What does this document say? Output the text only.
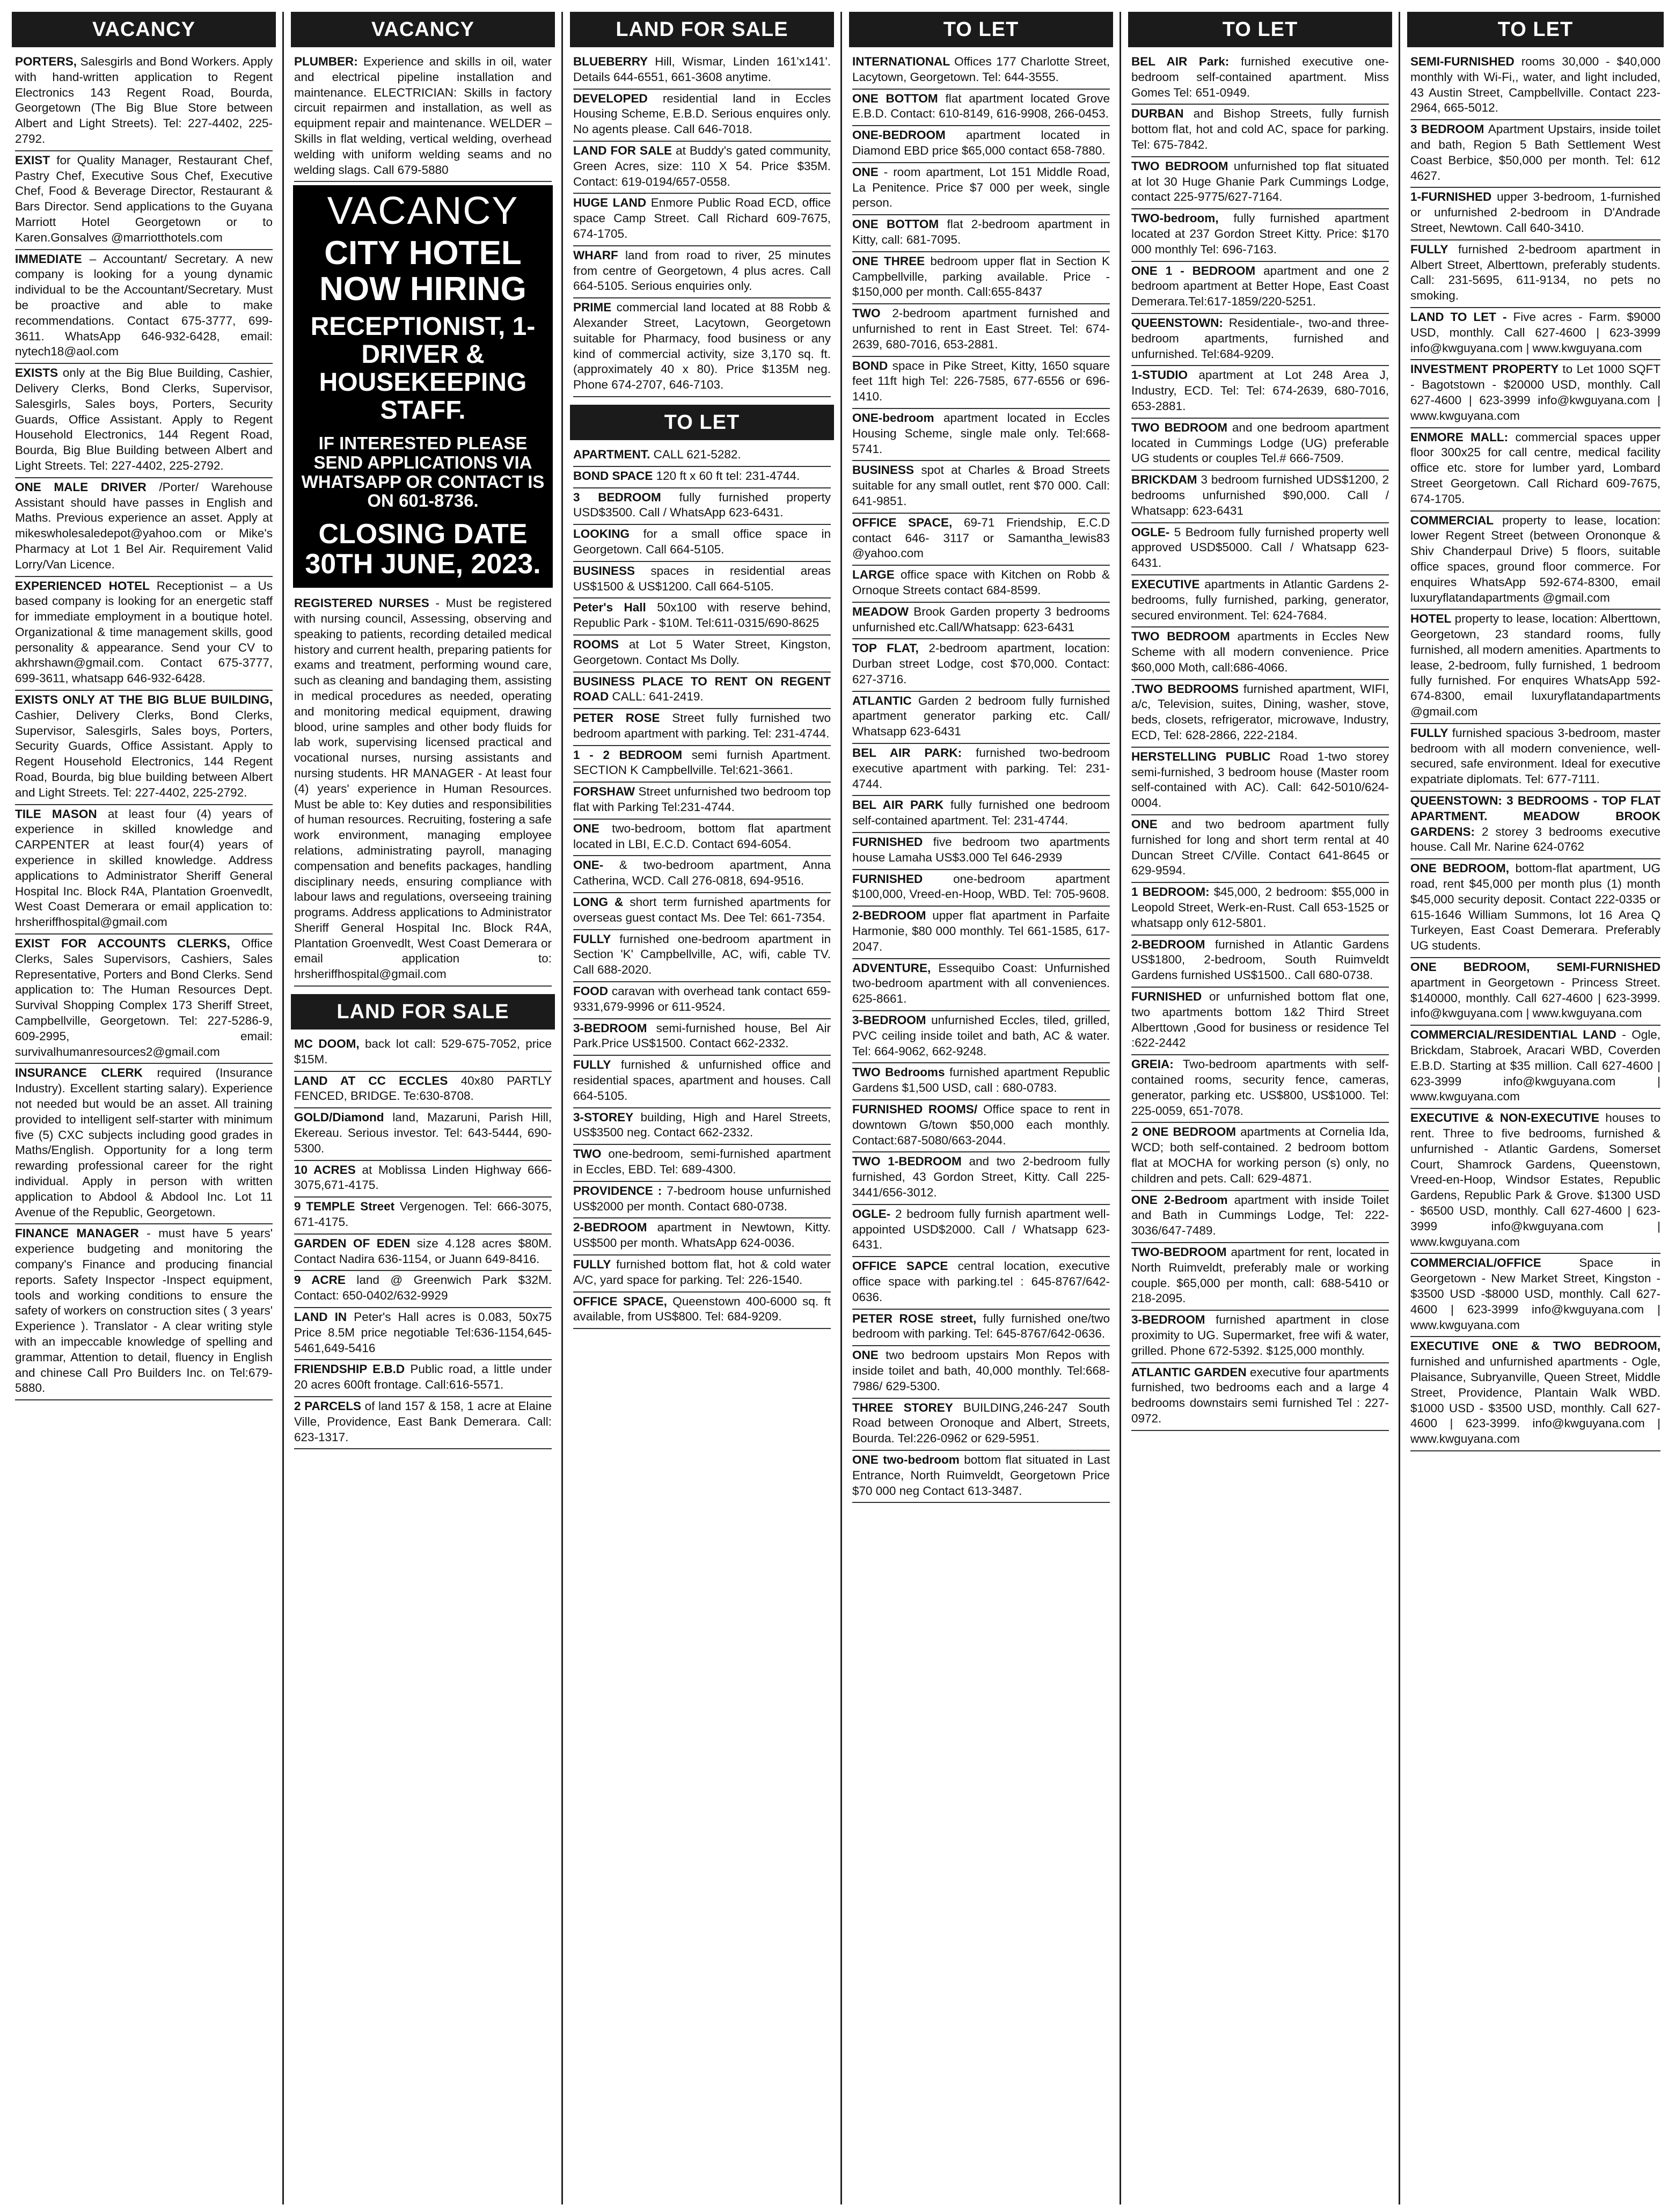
VACANCY
PORTERS, Salesgirls and Bond Workers. Apply with hand-written application to Regent Electronics 143 Regent Road, Bourda, Georgetown (The Big Blue Store between Albert and Light Streets). Tel: 227-4402, 225-2792.
EXIST for Quality Manager, Restaurant Chef, Pastry Chef, Executive Sous Chef, Executive Chef, Food & Beverage Director, Restaurant & Bars Director. Send applications to the Guyana Marriott Hotel Georgetown or to Karen.Gonsalves @marriotthotels.com
IMMEDIATE – Accountant/ Secretary. A new company is looking for a young dynamic individual to be the Accountant/Secretary. Must be proactive and able to make recommendations. Contact 675-3777, 699-3611. WhatsApp 646-932-6428, email: nytech18@aol.com
EXISTS only at the Big Blue Building, Cashier, Delivery Clerks, Bond Clerks, Supervisor, Salesgirls, Sales boys, Porters, Security Guards, Office Assistant. Apply to Regent Household Electronics, 144 Regent Road, Bourda, Big Blue Building between Albert and Light Streets. Tel: 227-4402, 225-2792.
ONE MALE DRIVER /Porter/ Warehouse Assistant should have passes in English and Maths. Previous experience an asset. Apply at mikeswholesaledepot@yahoo.com or Mike's Pharmacy at Lot 1 Bel Air. Requirement Valid Lorry/Van Licence.
EXPERIENCED HOTEL Receptionist – a Us based company is looking for an energetic staff for immediate employment in a boutique hotel. Organizational & time management skills, good personality & appearance. Send your CV to akhrshawn@gmail.com. Contact 675-3777, 699-3611, whatsapp 646-932-6428.
EXISTS ONLY AT THE BIG BLUE BUILDING,Cashier, Delivery Clerks, Bond Clerks, Supervisor, Salesgirls, Sales boys, Porters, Security Guards, Office Assistant. Apply to Regent Household Electronics, 144 Regent Road, Bourda, big blue building between Albert and Light Streets. Tel: 227-4402, 225-2792.
TILE MASON at least four (4) years of experience in skilled knowledge and CARPENTER at least four(4) years of experience in skilled knowledge. Address applications to Administrator Sheriff General Hospital Inc. Block R4A, Plantation Groenvedlt, West Coast Demerara or email application to: hrsheriffhospital@gmail.com
EXIST FOR ACCOUNTS CLERKS, Office Clerks, Sales Supervisors, Cashiers, Sales Representative, Porters and Bond Clerks. Send application to: The Human Resources Dept. Survival Shopping Complex 173 Sheriff Street, Campbellville, Georgetown. Tel: 227-5286-9, 609-2995, email: survivalhumanresources2@gmail.com
INSURANCE CLERK required (Insurance Industry). Excellent starting salary). Experience not needed but would be an asset. All training provided to intelligent self-starter with minimum five (5) CXC subjects including good grades in Maths/English. Opportunity for a long term rewarding professional career for the right individual. Apply in person with written application to Abdool & Abdool Inc. Lot 11 Avenue of the Republic, Georgetown.
FINANCE MANAGER - must have 5 years' experience budgeting and monitoring the company's Finance and producing financial reports. Safety Inspector -Inspect equipment, tools and working conditions to ensure the safety of workers on construction sites ( 3 years' Experience ). Translator - A clear writing style with an impeccable knowledge of spelling and grammar, Attention to detail, fluency in English and chinese Call Pro Builders Inc. on Tel:679-5880.
VACANCY
PLUMBER: Experience and skills in oil, water and electrical pipeline installation and maintenance. ELECTRICIAN: Skills in factory circuit repairmen and installation, as well as equipment repair and maintenance. WELDER – Skills in flat welding, vertical welding, overhead welding with uniform welding seams and no welding slags. Call 679-5880
VACANCY
CITY HOTEL NOW HIRING
RECEPTIONIST, 1-DRIVER & HOUSEKEEPING STAFF.
IF INTERESTED PLEASE SEND APPLICATIONS VIA WHATSAPP OR CONTACT IS ON 601-8736.
CLOSING DATE 30TH JUNE, 2023.
REGISTERED NURSES - Must be registered with nursing council, Assessing, observing and speaking to patients, recording detailed medical history and current health, preparing patients for exams and treatment, performing wound care, such as cleaning and bandaging them, assisting in medical procedures as needed, operating and monitoring medical equipment, drawing blood, urine samples and other body fluids for lab work, supervising licensed practical and vocational nurses, nursing assistants and nursing students. HR MANAGER - At least four (4) years' experience in Human Resources. Must be able to: Key duties and responsibilities of human resources. Recruiting, fostering a safe work environment, managing employee relations, administrating payroll, managing compensation and benefits packages, handling disciplinary needs, ensuring compliance with labour laws and regulations, overseeing training programs. Address applications to Administrator Sheriff General Hospital Inc. Block R4A, Plantation Groenvedlt, West Coast Demerara or email application to: hrsheriffhospital@gmail.com
LAND FOR SALE
MC DOOM, back lot call: 529-675-7052, price $15M.
LAND AT CC ECCLES 40x80 PARTLY FENCED, BRIDGE. Te:630-8708.
GOLD/Diamond land, Mazaruni, Parish Hill, Ekereau. Serious investor. Tel: 643-5444, 690-5300.
10 ACRES at Moblissa Linden Highway 666-3075,671-4175.
9 TEMPLE Street Vergenogen. Tel: 666-3075, 671-4175.
GARDEN OF EDEN size 4.128 acres $80M. Contact Nadira 636-1154, or Juann 649-8416.
9 ACRE land @ Greenwich Park $32M. Contact: 650-0402/632-9929
LAND IN Peter's Hall acres is 0.083, 50x75 Price 8.5M price negotiable Tel:636-1154,645-5461,649-5416
FRIENDSHIP E.B.D Public road, a little under 20 acres 600ft frontage. Call:616-5571.
2 PARCELS of land 157 & 158, 1 acre at Elaine Ville, Providence, East Bank Demerara. Call: 623-1317.
LAND FOR SALE
BLUEBERRY Hill, Wismar, Linden 161'x141'. Details 644-6551, 661-3608 anytime.
DEVELOPED residential land in Eccles Housing Scheme, E.B.D. Serious enquires only. No agents please. Call 646-7018.
LAND FOR SALE at Buddy's gated community, Green Acres, size: 110 X 54. Price $35M. Contact: 619-0194/657-0558.
HUGE LAND Enmore Public Road ECD, office space Camp Street. Call Richard 609-7675, 674-1705.
WHARF land from road to river, 25 minutes from centre of Georgetown, 4 plus acres. Call 664-5105. Serious enquiries only.
PRIME commercial land located at 88 Robb & Alexander Street, Lacytown, Georgetown suitable for Pharmacy, food business or any kind of commercial activity, size 3,170 sq. ft. (approximately 40 x 80). Price $135M neg. Phone 674-2707, 646-7103.
TO LET
APARTMENT. CALL 621-5282.
BOND SPACE 120 ft x 60 ft tel: 231-4744.
3 BEDROOM fully furnished property USD$3500. Call / WhatsApp 623-6431.
LOOKING for a small office space in Georgetown. Call 664-5105.
BUSINESS spaces in residential areas US$1500 & US$1200. Call 664-5105.
Peter's Hall 50x100 with reserve behind, Republic Park - $10M. Tel:611-0315/690-8625
ROOMS at Lot 5 Water Street, Kingston, Georgetown. Contact Ms Dolly.
BUSINESS PLACE TO RENT ON REGENT ROAD CALL: 641-2419.
PETER ROSE Street fully furnished two bedroom apartment with parking. Tel: 231-4744.
1 - 2 BEDROOM semi furnish Apartment. SECTION K Campbellville. Tel:621-3661.
FORSHAW Street unfurnished two bedroom top flat with Parking Tel:231-4744.
ONE two-bedroom, bottom flat apartment located in LBI, E.C.D. Contact 694-6054.
ONE- & two-bedroom apartment, Anna Catherina, WCD. Call 276-0818, 694-9516.
LONG & short term furnished apartments for overseas guest contact Ms. Dee Tel: 661-7354.
FULLY furnished one-bedroom apartment in Section 'K' Campbellville, AC, wifi, cable TV. Call 688-2020.
FOOD caravan with overhead tank contact 659-9331,679-9996 or 611-9524.
3-BEDROOM semi-furnished house, Bel Air Park.Price US$1500. Contact 662-2332.
FULLY furnished & unfurnished office and residential spaces, apartment and houses. Call 664-5105.
3-STOREY building, High and Harel Streets, US$3500 neg. Contact 662-2332.
TWO one-bedroom, semi-furnished apartment in Eccles, EBD. Tel: 689-4300.
PROVIDENCE : 7-bedroom house unfurnished US$2000 per month. Contact 680-0738.
2-BEDROOM apartment in Newtown, Kitty. US$500 per month. WhatsApp 624-0036.
FULLY furnished bottom flat, hot & cold water A/C, yard space for parking. Tel: 226-1540.
OFFICE SPACE, Queenstown 400-6000 sq. ft available, from US$800. Tel: 684-9209.
TO LET
INTERNATIONAL Offices 177 Charlotte Street, Lacytown, Georgetown. Tel: 644-3555.
ONE BOTTOM flat apartment located Grove E.B.D. Contact: 610-8149, 616-9908, 266-0453.
ONE-BEDROOM apartment located in Diamond EBD price $65,000 contact 658-7880.
ONE - room apartment, Lot 151 Middle Road, La Penitence. Price $7 000 per week, single person.
ONE BOTTOM flat 2-bedroom apartment in Kitty, call: 681-7095.
ONE THREE bedroom upper flat in Section K Campbellville, parking available. Price - $150,000 per month. Call:655-8437
TWO 2-bedroom apartment furnished and unfurnished to rent in East Street. Tel: 674-2639, 680-7016, 653-2881.
BOND space in Pike Street, Kitty, 1650 square feet 11ft high Tel: 226-7585, 677-6556 or 696-1410.
ONE-bedroom apartment located in Eccles Housing Scheme, single male only. Tel:668-5741.
BUSINESS spot at Charles & Broad Streets suitable for any small outlet, rent $70 000. Call: 641-9851.
OFFICE SPACE, 69-71 Friendship, E.C.D contact 646- 3117 or Samantha_lewis83 @yahoo.com
LARGE office space with Kitchen on Robb & Ornoque Streets contact 684-8599.
MEADOW Brook Garden property 3 bedrooms unfurnished etc.Call/Whatsapp: 623-6431
TOP FLAT, 2-bedroom apartment, location: Durban street Lodge, cost $70,000. Contact: 627-3716.
ATLANTIC Garden 2 bedroom fully furnished apartment generator parking etc. Call/ Whatsapp 623-6431
BEL AIR PARK: furnished two-bedroom executive apartment with parking. Tel: 231-4744.
BEL AIR PARK fully furnished one bedroom self-contained apartment. Tel: 231-4744.
FURNISHED five bedroom two apartments house Lamaha US$3.000 Tel 646-2939
FURNISHED	one-bedroom apartment $100,000, Vreed-en-Hoop, WBD. Tel: 705-9608.
2-BEDROOM upper flat apartment in Parfaite Harmonie, $80 000 monthly. Tel 661-1585, 617-2047.
ADVENTURE, Essequibo Coast: Unfurnished two-bedroom apartment with all conveniences. 625-8661.
3-BEDROOM unfurnished Eccles, tiled, grilled, PVC ceiling inside toilet and bath, AC & water. Tel: 664-9062, 662-9248.
TWO Bedrooms furnished apartment Republic Gardens $1,500 USD, call : 680-0783.
FURNISHED ROOMS/ Office space to rent in downtown G/town $50,000 each monthly. Contact:687-5080/663-2044.
TWO 1-BEDROOM and two 2-bedroom fully furnished, 43 Gordon Street, Kitty. Call 225- 3441/656-3012.
OGLE- 2 bedroom fully furnish apartment well-appointed USD$2000. Call / Whatsapp 623-6431.
OFFICE SAPCE central location, executive office space with parking.tel : 645-8767/642-0636.
PETER ROSE street, fully furnished one/two bedroom with parking. Tel: 645-8767/642-0636.
ONE two bedroom upstairs Mon Repos with inside toilet and bath, 40,000 monthly. Tel:668-7986/ 629-5300.
THREE STOREY BUILDING,246-247 South Road between Oronoque and Albert, Streets, Bourda. Tel:226-0962 or 629-5951.
ONE two-bedroom bottom flat situated in Last Entrance, North Ruimveldt, Georgetown Price $70 000 neg Contact 613-3487.
TO LET
BEL AIR Park: furnished executive one-bedroom self-contained apartment. Miss Gomes Tel: 651-0949.
DURBAN and Bishop Streets, fully furnish bottom flat, hot and cold AC, space for parking. Tel: 675-7842.
TWO BEDROOM unfurnished top flat situated at lot 30 Huge Ghanie Park Cummings Lodge, contact 225-9775/627-7164.
TWO-bedroom, fully furnished apartment located at 237 Gordon Street Kitty. Price: $170 000 monthly Tel: 696-7163.
ONE 1 - BEDROOM apartment and one 2 bedroom apartment at Better Hope, East Coast Demerara.Tel:617-1859/220-5251.
QUEENSTOWN: Residentiale-, two-and three-bedroom apartments, furnished and unfurnished. Tel:684-9209.
1-STUDIO apartment at Lot 248 Area J, Industry, ECD. Tel: Tel: 674-2639, 680-7016, 653-2881.
TWO BEDROOM and one bedroom apartment located in Cummings Lodge (UG) preferable UG students or couples Tel.# 666-7509.
BRICKDAM 3 bedroom furnished UDS$1200, 2 bedrooms unfurnished $90,000. Call / Whatsapp: 623-6431
OGLE- 5 Bedroom fully furnished property well approved USD$5000. Call / Whatsapp 623-6431.
EXECUTIVE apartments in Atlantic Gardens 2-bedrooms, fully furnished, parking, generator, secured environment. Tel: 624-7684.
TWO BEDROOM apartments in Eccles New Scheme with all modern convenience. Price $60,000 Moth, call:686-4066.
.TWO BEDROOMS furnished apartment, WIFI, a/c, Television, suites, Dining, washer, stove, beds, closets, refrigerator, microwave, Industry, ECD, Tel: 628-2866, 222-2184.
HERSTELLING PUBLIC Road 1-two storey semi-furnished, 3 bedroom house (Master room self-contained with AC). Call: 642-5010/624-0004.
ONE and two bedroom apartment fully furnished for long and short term rental at 40 Duncan Street C/Ville. Contact 641-8645 or 629-9594.
1 BEDROOM: $45,000, 2 bedroom: $55,000 in Leopold Street, Werk-en-Rust. Call 653-1525 or whatsapp only 612-5801.
2-BEDROOM furnished in Atlantic Gardens US$1800, 2-bedroom, South Ruimveldt Gardens furnished US$1500.. Call 680-0738.
FURNISHED or unfurnished bottom flat one, two apartments bottom 1&2 Third Street Alberttown ,Good for business or residence Tel :622-2442
GREIA: Two-bedroom apartments with self-contained rooms, security fence, cameras, generator, parking etc. US$800, US$1000. Tel: 225-0059, 651-7078.
2 ONE BEDROOM apartments at Cornelia Ida, WCD; both self-contained. 2 bedroom bottom flat at MOCHA for working person (s) only, no children and pets. Call: 629-4871.
ONE 2-Bedroom apartment with inside Toilet and Bath in Cummings Lodge, Tel: 222-3036/647-7489.
TWO-BEDROOM apartment for rent, located in North Ruimveldt, preferably male or working couple. $65,000 per month, call: 688-5410 or 218-2095.
3-BEDROOM furnished apartment in close proximity to UG. Supermarket, free wifi & water, grilled. Phone 672-5392. $125,000 monthly.
ATLANTIC GARDEN executive four apartments furnished, two bedrooms each and a large 4 bedrooms downstairs semi furnished Tel : 227-0972.
TO LET
SEMI-FURNISHED rooms 30,000 - $40,000 monthly with Wi-Fi,, water, and light included, 43 Austin Street, Campbellville. Contact 223-2964, 665-5012.
3 BEDROOM Apartment Upstairs, inside toilet and bath, Region 5 Bath Settlement West Coast Berbice, $50,000 per month. Tel: 612 4627.
1-FURNISHED upper 3-bedroom, 1-furnished or unfurnished 2-bedroom in D'Andrade Street, Newtown. Call 640-3410.
FULLY furnished 2-bedroom apartment in Albert Street, Alberttown, preferably students. Call: 231-5695, 611-9134, no pets no smoking.
LAND TO LET - Five acres - Farm. $9000 USD, monthly. Call 627-4600 | 623-3999 info@kwguyana.com | www.kwguyana.com
INVESTMENT PROPERTY to Let 1000 SQFT - Bagotstown - $20000 USD, monthly. Call 627-4600 | 623-3999 info@kwguyana.com | www.kwguyana.com
ENMORE MALL: commercial spaces upper floor 300x25 for call centre, medical facility office etc. store for lumber yard, Lombard Street Georgetown. Call Richard 609-7675, 674-1705.
COMMERCIAL property to lease, location: lower Regent Street (between Orononque & Shiv Chanderpaul Drive) 5 floors, suitable office spaces, ground floor commerce. For enquires WhatsApp 592-674-8300, email luxuryflatandapartments @gmail.com
HOTEL property to lease, location: Alberttown, Georgetown, 23 standard rooms, fully furnished, all modern amenities. Apartments to lease, 2-bedroom, fully furnished, 1 bedroom fully furnished. For enquires WhatsApp 592-674-8300, email luxuryflatandapartments @gmail.com
FULLY furnished spacious 3-bedroom, master bedroom with all modern convenience, well-secured, safe environment. Ideal for executive expatriate diplomats. Tel: 677-7111.
QUEENSTOWN: 3 BEDROOMS - TOP FLAT APARTMENT. MEADOW BROOK GARDENS: 2 storey 3 bedrooms executive house. Call Mr. Narine 624-0762
ONE BEDROOM, bottom-flat apartment, UG road, rent $45,000 per month plus (1) month $45,000 security deposit. Contact 222-0335 or 615-1646 William Summons, lot 16 Area Q Turkeyen, East Coast Demerara. Preferably UG students.
ONE BEDROOM, SEMI-FURNISHEDapartment in Georgetown - Princess Street. $140000, monthly. Call 627-4600 | 623-3999. info@kwguyana.com | www.kwguyana.com
COMMERCIAL/RESIDENTIAL LAND - Ogle, Brickdam, Stabroek, Aracari WBD, Coverden E.B.D. Starting at $35 million. Call 627-4600 | 623-3999 info@kwguyana.com | www.kwguyana.com
EXECUTIVE & NON-EXECUTIVE houses to rent. Three to five bedrooms, furnished & unfurnished - Atlantic Gardens, Somerset Court, Shamrock Gardens, Queenstown, Vreed-en-Hoop, Windsor Estates, Republic Gardens, Republic Park & Grove. $1300 USD - $6500 USD, monthly. Call 627-4600 | 623-3999 info@kwguyana.com | www.kwguyana.com
COMMERCIAL/OFFICE	Space in Georgetown - New Market Street, Kingston - $3500 USD -$8000 USD, monthly. Call 627-4600 | 623-3999 info@kwguyana.com | www.kwguyana.com
EXECUTIVE ONE & TWO BEDROOM,furnished and unfurnished apartments - Ogle, Plaisance, Subryanville, Queen Street, Middle Street, Providence, Plantain Walk WBD. $1000 USD - $3500 USD, monthly. Call 627-4600 | 623-3999. info@kwguyana.com | www.kwguyana.com
